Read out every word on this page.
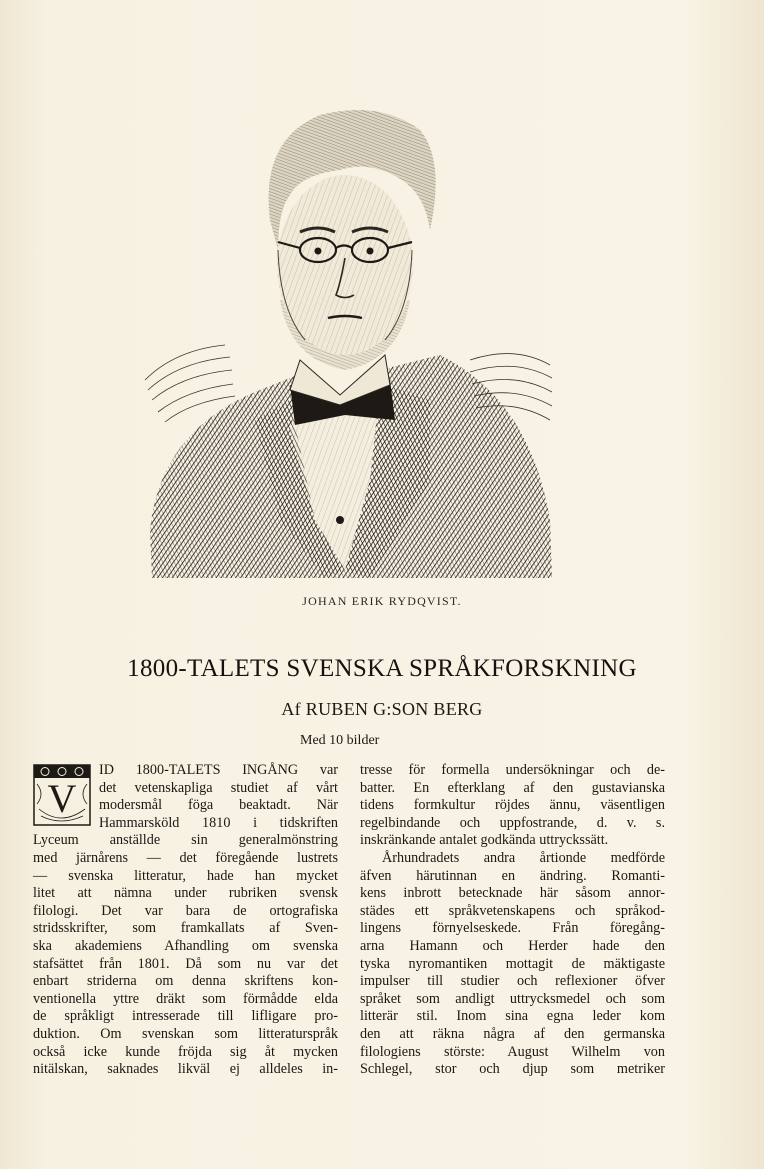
JOHAN ERIK RYDQVIST.
1800-TALETS SVENSKA SPRÅKFORSKNING
Af RUBEN G:SON BERG
Med 10 bilder
V
ID 1800-TALETS INGÅNG var
det vetenskapliga studiet af vårt
modersmål föga beaktadt. När
Hammarsköld 1810 i tidskriften
Lyceum anställde sin generalmönstring
med järnårens — det föregående lustrets
— svenska litteratur, hade han mycket
litet att nämna under rubriken svensk
filologi. Det var bara de ortografiska
stridsskrifter, som framkallats af Sven-
ska akademiens Afhandling om svenska
stafsättet från 1801. Då som nu var det
enbart striderna om denna skriftens kon-
ventionella yttre dräkt som förmådde elda
de språkligt intresserade till lifligare pro-
duktion. Om svenskan som litteraturspråk
också icke kunde fröjda sig åt mycken
nitälskan, saknades likväl ej alldeles in-
tresse för formella undersökningar och de-
batter. En efterklang af den gustavianska
tidens formkultur röjdes ännu, väsentligen
regelbindande och uppfostrande, d. v. s.
inskränkande antalet godkända uttryckssätt.
Århundradets andra årtionde medförde
äfven härutinnan en ändring. Romanti-
kens inbrott betecknade här såsom annor-
städes ett språkvetenskapens och språkod-
lingens förnyelseskede. Från föregång-
arna Hamann och Herder hade den
tyska nyromantiken mottagit de mäktigaste
impulser till studier och reflexioner öfver
språket som andligt uttrycksmedel och som
litterär stil. Inom sina egna leder kom
den att räkna några af den germanska
filologiens störste: August Wilhelm von
Schlegel, stor och djup som metriker
